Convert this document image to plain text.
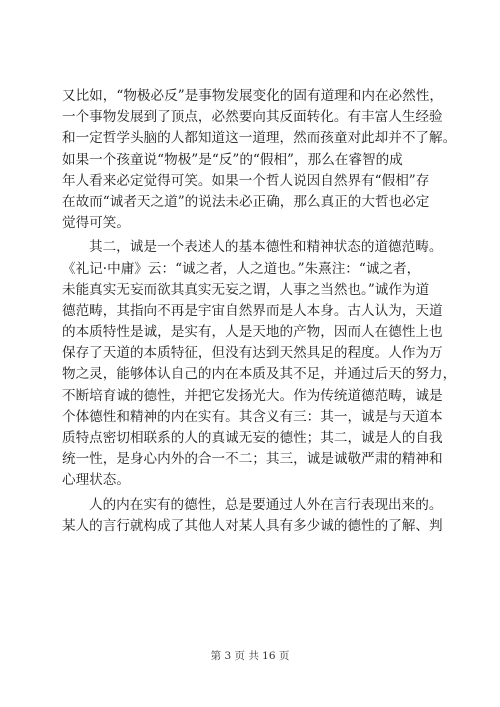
又比如，“物极必反”是事物发展变化的固有道理和内在必然性，
一个事物发展到了顶点，必然要向其反面转化。有丰富人生经验
和一定哲学头脑的人都知道这一道理，然而孩童对此却并不了解。
如果一个孩童说“物极”是“反”的“假相”，那么在睿智的成
年人看来必定觉得可笑。如果一个哲人说因自然界有“假相”存
在故而“诚者天之道”的说法未必正确，那么真正的大哲也必定
觉得可笑。
其二，诚是一个表述人的基本德性和精神状态的道德范畴。
《礼记·中庸》云：“诚之者，人之道也。”朱熹注：“诚之者，
未能真实无妄而欲其真实无妄之谓，人事之当然也。”诚作为道
德范畴，其指向不再是宇宙自然界而是人本身。古人认为，天道
的本质特性是诚，是实有，人是天地的产物，因而人在德性上也
保存了天道的本质特征，但没有达到天然具足的程度。人作为万
物之灵，能够体认自己的内在本质及其不足，并通过后天的努力，
不断培育诚的德性，并把它发扬光大。作为传统道德范畴，诚是
个体德性和精神的内在实有。其含义有三：其一，诚是与天道本
质特点密切相联系的人的真诚无妄的德性；其二，诚是人的自我
统一性，是身心内外的合一不二；其三，诚是诚敬严肃的精神和
心理状态。
人的内在实有的德性，总是要通过人外在言行表现出来的。
某人的言行就构成了其他人对某人具有多少诚的德性的了解、判
第 3 页 共 16 页
